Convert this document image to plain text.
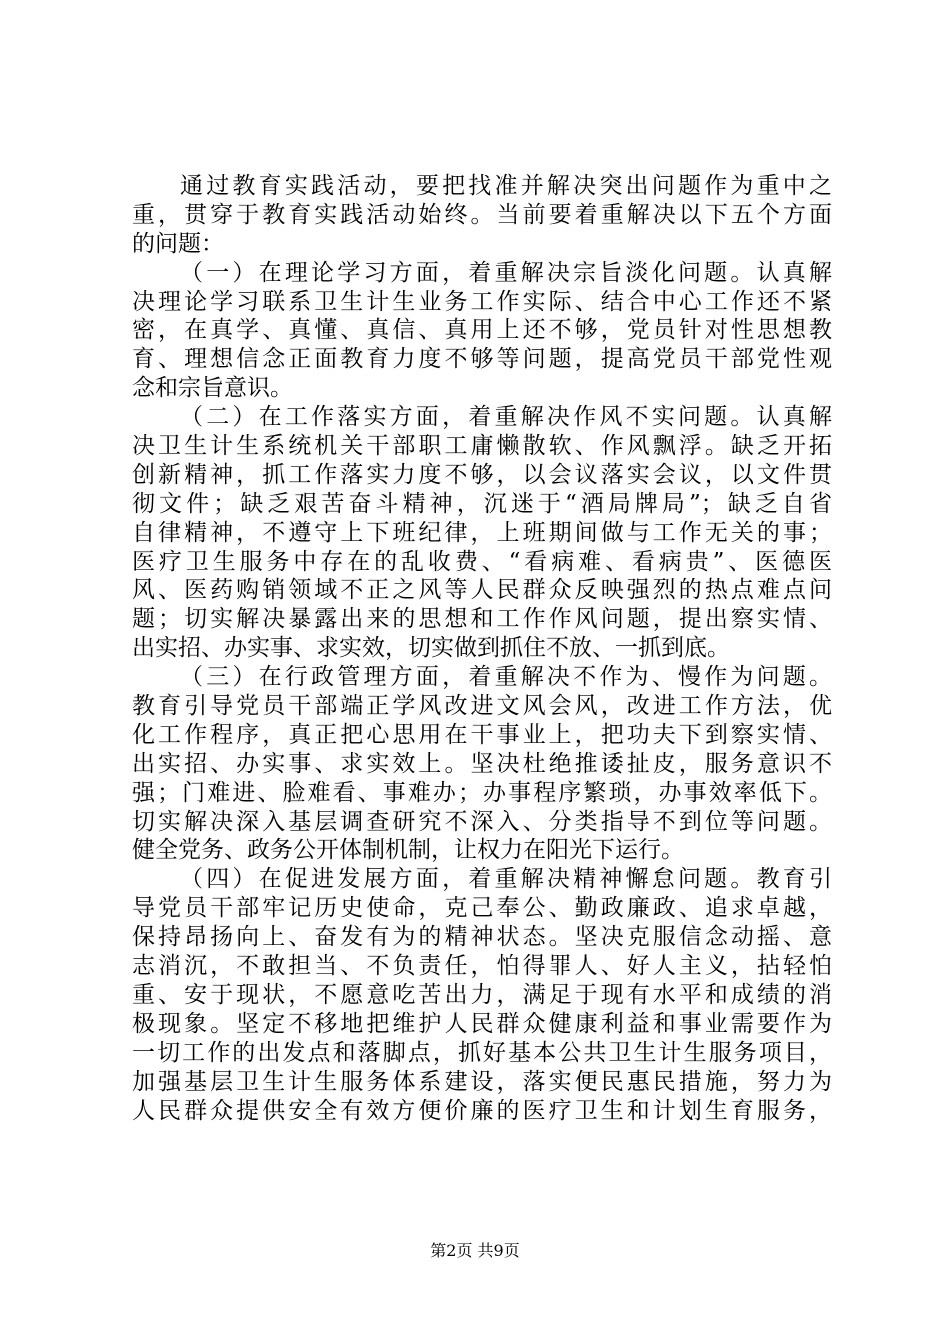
通过教育实践活动，要把找准并解决突出问题作为重中之
重，贯穿于教育实践活动始终。当前要着重解决以下五个方面
的问题：
（一）在理论学习方面，着重解决宗旨淡化问题。认真解
决理论学习联系卫生计生业务工作实际、结合中心工作还不紧
密，在真学、真懂、真信、真用上还不够，党员针对性思想教
育、理想信念正面教育力度不够等问题，提高党员干部党性观
念和宗旨意识。
（二）在工作落实方面，着重解决作风不实问题。认真解
决卫生计生系统机关干部职工庸懒散软、作风飘浮。缺乏开拓
创新精神，抓工作落实力度不够，以会议落实会议，以文件贯
彻文件；缺乏艰苦奋斗精神，沉迷于“酒局牌局”；缺乏自省
自律精神，不遵守上下班纪律，上班期间做与工作无关的事；
医疗卫生服务中存在的乱收费、“看病难、看病贵”、医德医
风、医药购销领域不正之风等人民群众反映强烈的热点难点问
题；切实解决暴露出来的思想和工作作风问题，提出察实情、
出实招、办实事、求实效，切实做到抓住不放、一抓到底。
（三）在行政管理方面，着重解决不作为、慢作为问题。
教育引导党员干部端正学风改进文风会风，改进工作方法，优
化工作程序，真正把心思用在干事业上，把功夫下到察实情、
出实招、办实事、求实效上。坚决杜绝推诿扯皮，服务意识不
强；门难进、脸难看、事难办；办事程序繁琐，办事效率低下。
切实解决深入基层调查研究不深入、分类指导不到位等问题。
健全党务、政务公开体制机制，让权力在阳光下运行。
（四）在促进发展方面，着重解决精神懈怠问题。教育引
导党员干部牢记历史使命，克己奉公、勤政廉政、追求卓越，
保持昂扬向上、奋发有为的精神状态。坚决克服信念动摇、意
志消沉，不敢担当、不负责任，怕得罪人、好人主义，拈轻怕
重、安于现状，不愿意吃苦出力，满足于现有水平和成绩的消
极现象。坚定不移地把维护人民群众健康利益和事业需要作为
一切工作的出发点和落脚点，抓好基本公共卫生计生服务项目，
加强基层卫生计生服务体系建设，落实便民惠民措施，努力为
人民群众提供安全有效方便价廉的医疗卫生和计划生育服务，
第2页 共9页
